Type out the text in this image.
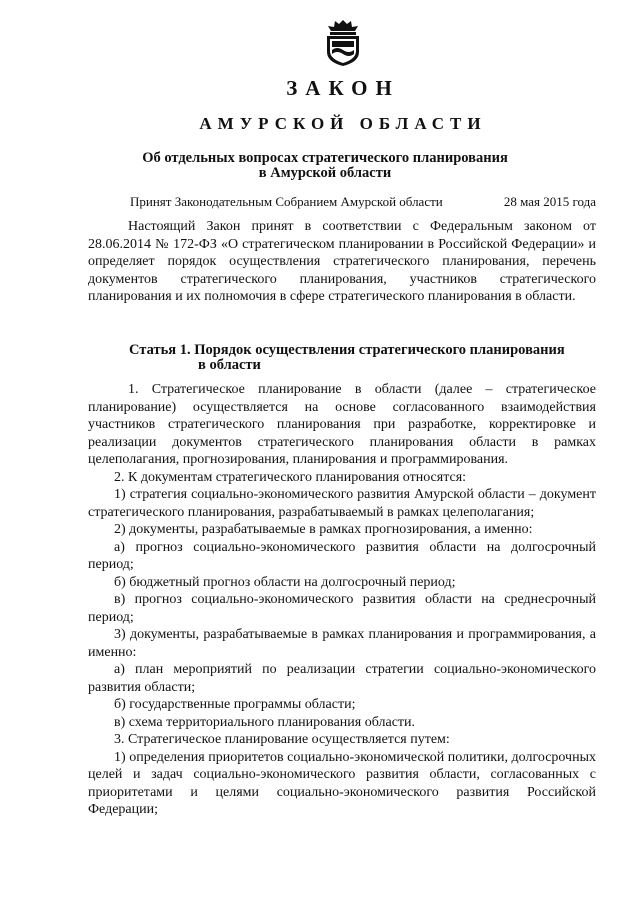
ЗАКОН
АМУРСКОЙ ОБЛАСТИ
Об отдельных вопросах стратегического планирования
в Амурской области
Принят Законодательным Собранием Амурской области	28 мая 2015 года

Настоящий Закон принят в соответствии с Федеральным законом от 28.06.2014 № 172-ФЗ «О стратегическом планировании в Российской Федерации» и определяет порядок осуществления стратегического планирования, перечень документов стратегического планирования, участников стратегического планирования и их полномочия в сфере стратегического планирования в области.

Статья 1. Порядок осуществления стратегического планирования
в области

1. Стратегическое планирование в области (далее – стратегическое планирование) осуществляется на основе согласованного взаимодействия участников стратегического планирования при разработке, корректировке и реализации документов стратегического планирования области в рамках целеполагания, прогнозирования, планирования и программирования.

2. К документам стратегического планирования относятся:

1) стратегия социально-экономического развития Амурской области – документ стратегического планирования, разрабатываемый в рамках целеполагания;

2) документы, разрабатываемые в рамках прогнозирования, а именно:

а) прогноз социально-экономического развития области на долгосрочный период;

б) бюджетный прогноз области на долгосрочный период;

в) прогноз социально-экономического развития области на среднесрочный период;

3) документы, разрабатываемые в рамках планирования и программирования, а именно:

а) план мероприятий по реализации стратегии социально-экономического развития области;

б) государственные программы области;

в) схема территориального планирования области.

3. Стратегическое планирование осуществляется путем:

1) определения приоритетов социально-экономической политики, долгосрочных целей и задач социально-экономического развития области, согласованных с приоритетами и целями социально-экономического развития Российской Федерации;
